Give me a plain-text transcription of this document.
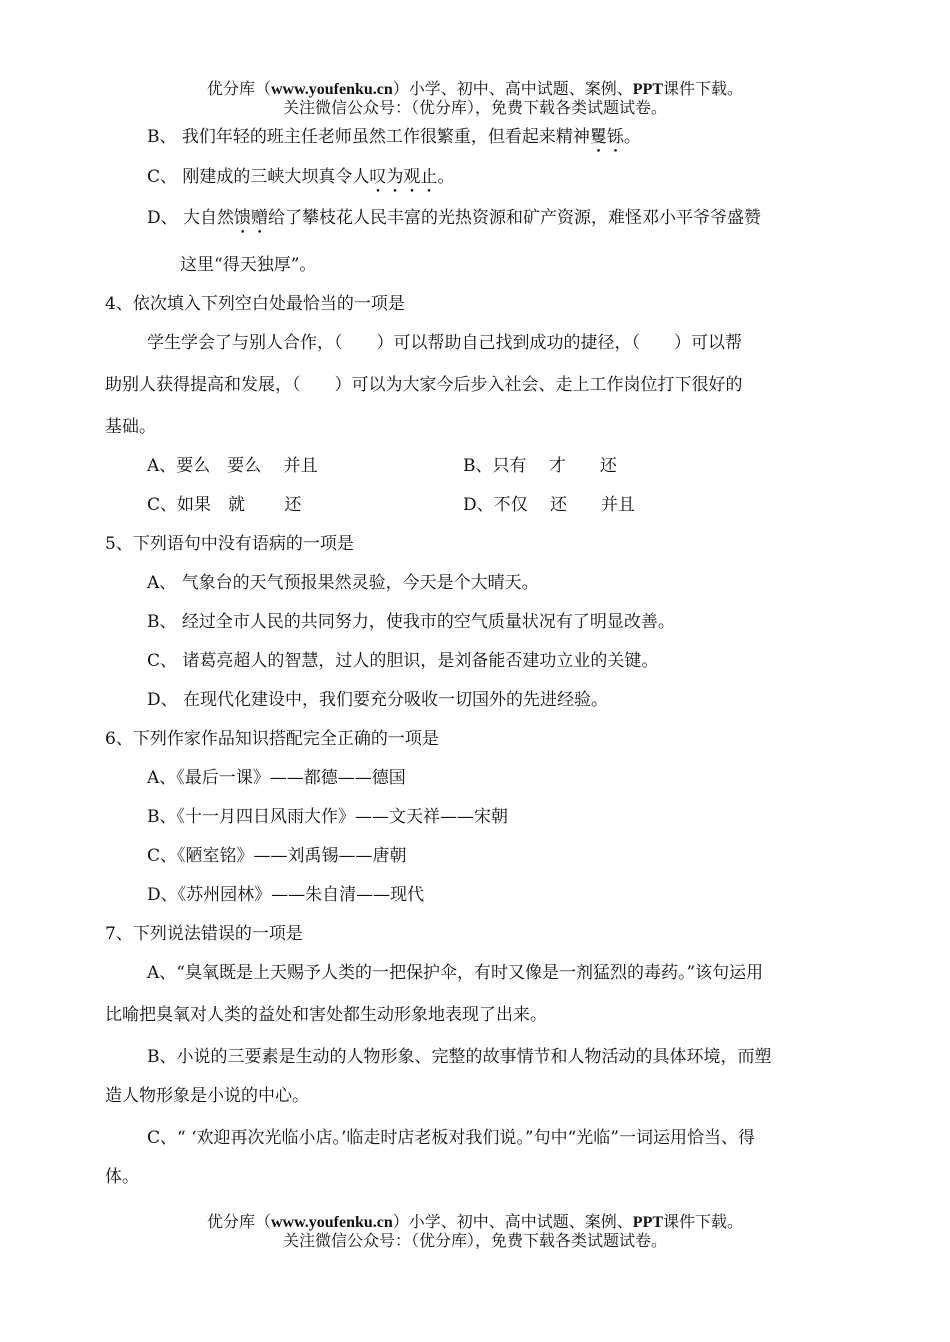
优分库（www.youfenku.cn）小学、初中、高中试题、案例、PPT课件下载。
关注微信公众号：（优分库），免费下载各类试题试卷。
B、 我们年轻的班主任老师虽然工作很繁重，但看起来精神矍铄。
C、 刚建成的三峡大坝真令人叹为观止。
D、 大自然馈赠给了攀枝花人民丰富的光热资源和矿产资源，难怪邓小平爷爷盛赞
这里“得天独厚”。
4、依次填入下列空白处最恰当的一项是
学生学会了与别人合作，（　　）可以帮助自己找到成功的捷径，（　　）可以帮
助别人获得提高和发展，（　　）可以为大家今后步入社会、走上工作岗位打下很好的
基础。
A、要么　要么　 并且	B、只有　 才　　还
C、如果　就　　 还	D、不仅　 还　　并且
5、下列语句中没有语病的一项是
A、 气象台的天气预报果然灵验，今天是个大晴天。
B、 经过全市人民的共同努力，使我市的空气质量状况有了明显改善。
C、 诸葛亮超人的智慧，过人的胆识，是刘备能否建功立业的关键。
D、 在现代化建设中，我们要充分吸收一切国外的先进经验。
6、下列作家作品知识搭配完全正确的一项是
A、《最后一课》——都德——德国
B、《十一月四日风雨大作》——文天祥——宋朝
C、《陋室铭》——刘禹锡——唐朝
D、《苏州园林》——朱自清——现代
7、下列说法错误的一项是
A、“臭氧既是上天赐予人类的一把保护伞，有时又像是一剂猛烈的毒药。”该句运用
比喻把臭氧对人类的益处和害处都生动形象地表现了出来。
B、小说的三要素是生动的人物形象、完整的故事情节和人物活动的具体环境，而塑
造人物形象是小说的中心。
C、“ ‘欢迎再次光临小店。’临走时店老板对我们说。”句中“光临”一词运用恰当、得
体。
优分库（www.youfenku.cn）小学、初中、高中试题、案例、PPT课件下载。
关注微信公众号：（优分库），免费下载各类试题试卷。
